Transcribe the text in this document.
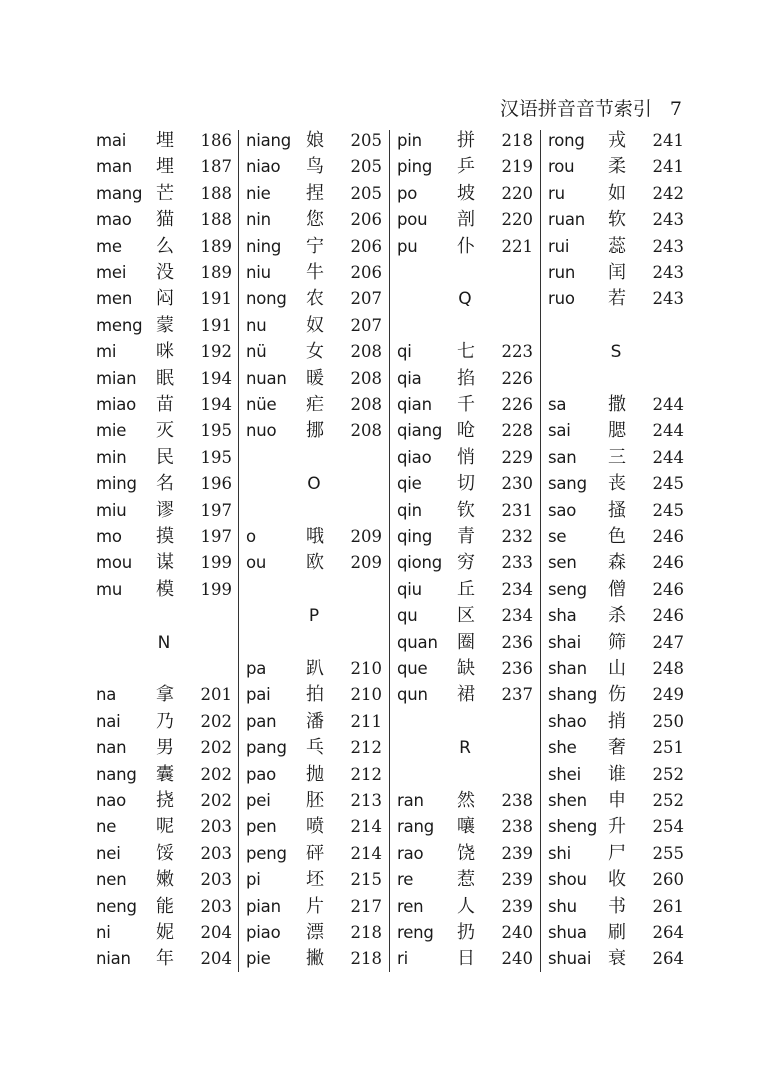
汉语拼音音节索引 7
mai 埋 186
man 埋 187
mang 芒 188
mao 猫 188
me 么 189
mei 没 189
men 闷 191
meng 蒙 191
mi 咪 192
mian 眠 194
miao 苗 194
mie 灭 195
min 民 195
ming 名 196
miu 谬 197
mo 摸 197
mou 谋 199
mu 模 199
N
na 拿 201
nai 乃 202
nan 男 202
nang 囊 202
nao 挠 202
ne 呢 203
nei 馁 203
nen 嫩 203
neng 能 203
ni	妮 204
nian 年 204
niang 娘 205
niao 鸟 205
nie 捏 205
nin 您 206
ning 宁 206
niu 牛 206
nong 农 207
nu 奴 207
nü 女 208
nuan 暖 208
nüe 疟 208
nuo 挪 208
O
o	哦 209
ou 欧 209
P
pa 趴 210
pai 拍 210
pan 潘 211
pang 乓 212
pao 抛 212
pei 胚 213
pen 喷 214
peng 砰 214
pi	坯 215
pian 片 217
piao 漂 218
pie 撇 218
pin 拼 218
ping 乒 219
po 坡 220
pou 剖 220
pu 仆 221
Q
qi	七 223
qia 掐 226
qian 千 226
qiang 呛 228
qiao 悄 229
qie 切 230
qin 钦 231
qing 青 232
qiong 穷 233
qiu 丘 234
qu 区 234
quan 圈 236
que 缺 236
qun 裙 237
R
ran 然 238
rang 嚷 238
rao 饶 239
re 惹 239
ren 人 239
reng 扔 240
ri	日 240
rong 戎 241
rou 柔 241
ru 如 242
ruan 软 243
rui 蕊 243
run 闰 243
ruo 若 243
S
sa 撒 244
sai 腮 244
san 三 244
sang 丧 245
sao 搔 245
se 色 246
sen 森 246
seng 僧 246
sha 杀 246
shai 筛 247
shan 山 248
shang 伤 249
shao 捎 250
she 奢 251
shei 谁 252
shen 申 252
sheng 升 254
shi 尸 255
shou 收 260
shu 书 261
shua 刷 264
shuai 衰 264
